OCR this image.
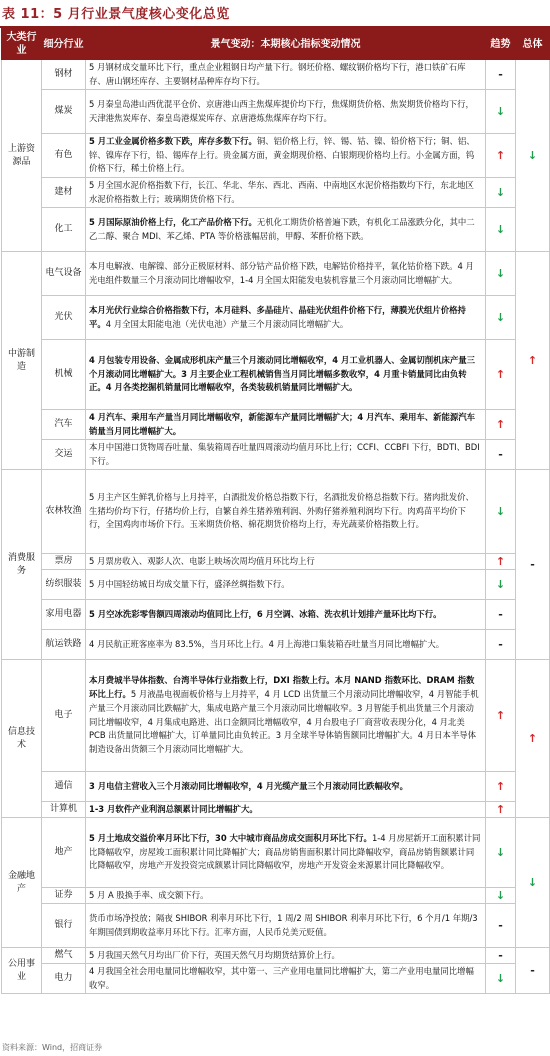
表 11：5 月行业景气度核心变化总览
大类行业	细分行业	景气变动：本期核心指标变动情况	趋势	总体
上游资源品	钢材	5 月钢材成交量环比下行，重点企业粗钢日均产量下行。钢坯价格、螺纹钢价格均下行，港口铁矿石库存、唐山钢坯库存、主要钢材品种库存均下行。	-	↓
	煤炭	5 月秦皇岛港山西优混平仓价、京唐港山西主焦煤库提价均下行，焦煤期货价格、焦炭期货价格均下行，天津港焦炭库存、秦皇岛港煤炭库存、京唐港炼焦煤库存均下行。	↓	
	有色	5 月工业金属价格多数下跌，库存多数下行。铜、铝价格上行，锌、锡、钴、镍、铅价格下行；铜、铝、锌、镍库存下行，铅、锡库存上行。贵金属方面，黄金期现价格、白银期现价格均上行。小金属方面，钨价格下行，稀土价格上行。	↑	
	建材	5 月全国水泥价格指数下行，长江、华北、华东、西北、西南、中南地区水泥价格指数均下行，东北地区水泥价格指数上行；玻璃期货价格下行。	↓	
	化工	5 月国际原油价格上行，化工产品价格下行。无机化工期货价格普遍下跌，有机化工品涨跌分化，其中二乙二醇、聚合 MDI、苯乙烯、PTA 等价格涨幅居前，甲醇、苯酐价格下跌。	↓	
中游制造	电气设备	本月电解液、电解镍、部分正极原材料、部分钴产品价格下跌，电解钴价格持平，氧化钴价格下跌。4 月光电组件数量三个月滚动同比增幅收窄，1-4 月全国太阳能发电装机容量三个月滚动同比增幅扩大。	↓	↑
	光伏	本月光伏行业综合价格指数下行，本月硅料、多晶硅片、晶硅光伏组件价格下行，薄膜光伏组片价格持平。4 月全国太阳能电池（光伏电池）产量三个月滚动同比增幅扩大。	↓	
	机械	4 月包装专用设备、金属成形机床产量三个月滚动同比增幅收窄，4 月工业机器人、金属切削机床产量三个月滚动同比增幅扩大。3 月主要企业工程机械销售当月同比增幅多数收窄，4 月重卡销量同比由负转正。4 月各类挖掘机销量同比增幅收窄，各类装载机销量同比增幅扩大。	↑	
	汽车	4 月汽车、乘用车产量当月同比增幅收窄，新能源车产量同比增幅扩大；4 月汽车、乘用车、新能源汽车销量当月同比增幅扩大。	↑	
	交运	本月中国港口货物周吞吐量、集装箱周吞吐量四周滚动均值月环比上行；CCFI、CCBFI 下行，BDTI、BDI 下行。	-	
消费服务	农林牧渔	5 月主产区生鲜乳价格与上月持平，白酒批发价格总指数下行，名酒批发价格总指数下行。猪肉批发价、生猪均价均下行，仔猪均价上行，自繁自养生猪养殖利润、外购仔猪养殖利润均下行。肉鸡苗平均价下行，全国鸡肉市场价下行。玉米期货价格、棉花期货价格均上行，寿光蔬菜价格指数上行。	↓	-
	票房	5 月票房收入、观影人次、电影上映场次周均值月环比均上行	↑	
	纺织服装	5 月中国轻纺城日均成交量下行，盛泽丝绸指数下行。	↓	
	家用电器	5 月空冰洗彩零售额四周滚动均值同比上行，6 月空调、冰箱、洗衣机计划排产量环比均下行。	-	
	航运铁路	4 月民航正班客座率为 83.5%，当月环比上行。4 月上海港口集装箱吞吐量当月同比增幅扩大。	-	
信息技术	电子	本月费城半导体指数、台湾半导体行业指数上行，DXI 指数上行。本月 NAND 指数环比、DRAM 指数环比上行。5 月液晶电视面板价格与上月持平，4 月 LCD 出货量三个月滚动同比增幅收窄，4 月智能手机产量三个月滚动同比跌幅扩大，集成电路产量三个月滚动同比增幅收窄。3 月智能手机出货量三个月滚动同比增幅收窄，4 月集成电路进、出口金额同比增幅收窄，4 月台股电子厂商营收表现分化，4 月北美 PCB 出货量同比增幅扩大，订单量同比由负转正。3 月全球半导体销售额同比增幅扩大。4 月日本半导体制造设备出货额三个月滚动同比增幅扩大。	↑	↑
	通信	3 月电信主营收入三个月滚动同比增幅收窄，4 月光缆产量三个月滚动同比跌幅收窄。	↑	
	计算机	1-3 月软件产业利润总额累计同比增幅扩大。	↑	
金融地产	地产	5 月土地成交溢价率月环比下行，30 大中城市商品房成交面积月环比下行。1-4 月房屋新开工面积累计同比降幅收窄，房屋竣工面积累计同比降幅扩大；商品房销售面积累计同比降幅收窄，商品房销售额累计同比降幅收窄，房地产开发投资完成额累计同比降幅收窄，房地产开发资金来源累计同比降幅收窄。	↓	↓
	证券	5 月 A 股换手率、成交额下行。	↓	
	银行	货币市场净投放；隔夜 SHIBOR 利率月环比下行，1 周/2 周 SHIBOR 利率月环比下行，6 个月/1 年期/3 年期国债到期收益率月环比下行。汇率方面，人民币兑美元贬值。	-	
公用事业	燃气	5 月我国天然气月均出厂价下行，英国天然气月均期货结算价上行。	-	-
	电力	4 月我国全社会用电量同比增幅收窄，其中第一、三产业用电量同比增幅扩大，第二产业用电量同比增幅收窄。	↓	
资料来源：Wind，招商证券
